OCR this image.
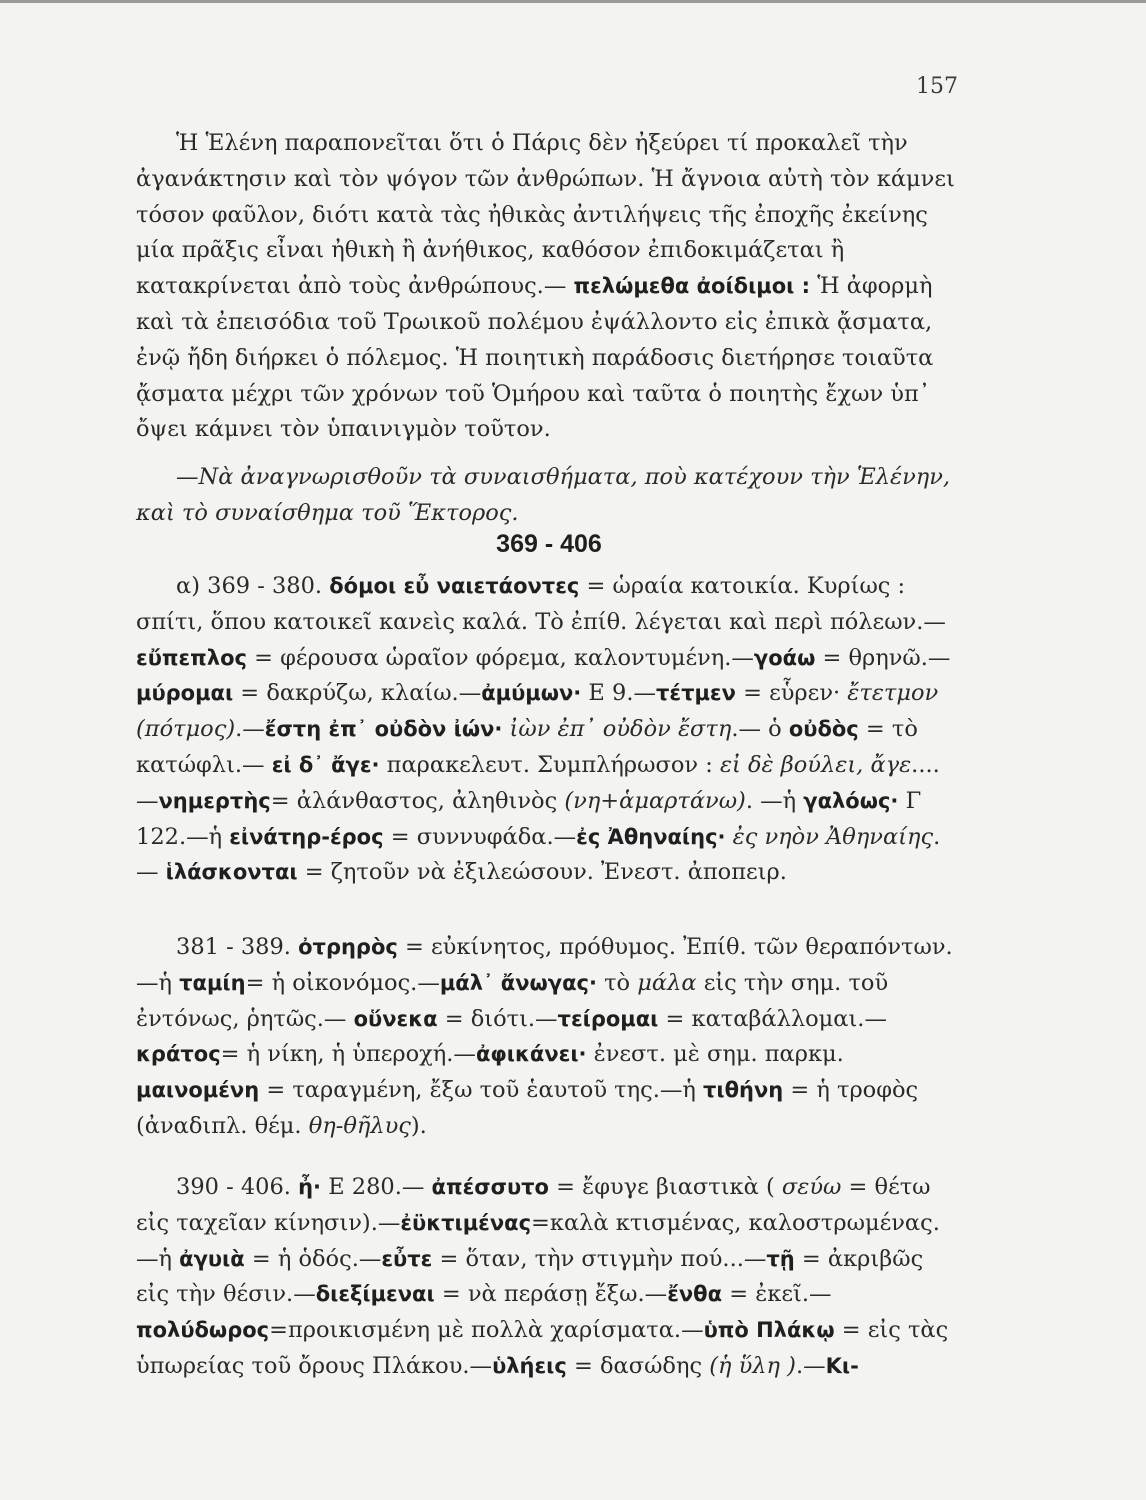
157

Ἡ Ἑλένη παραπονεῖται ὅτι ὁ Πάρις δὲν ἠξεύρει τί προκαλεῖ τὴν ἀγανάκτησιν καὶ τὸν ψόγον τῶν ἀνθρώπων. Ἡ ἄγνοια αὐτὴ τὸν κάμνει τόσον φαῦλον, διότι κατὰ τὰς ἠθικὰς ἀντιλήψεις τῆς ἐποχῆς ἐκείνης μία πρᾶξις εἶναι ἠθικὴ ἢ ἀνήθικος, καθόσον ἐπιδοκιμάζεται ἢ κατακρίνεται ἀπὸ τοὺς ἀνθρώπους.— πελώμεθα ἀοίδιμοι : Ἡ ἀφορμὴ καὶ τὰ ἐπεισόδια τοῦ Τρωικοῦ πολέμου ἐψάλλοντο εἰς ἐπικὰ ᾄσματα, ἐνῷ ἤδη διήρκει ὁ πόλεμος. Ἡ ποιητικὴ παράδοσις διετήρησε τοιαῦτα ᾄσματα μέχρι τῶν χρόνων τοῦ Ὁμήρου καὶ ταῦτα ὁ ποιητὴς ἔχων ὑπ᾽ ὄψει κάμνει τὸν ὑπαινιγμὸν τοῦτον.

—Νὰ ἀναγνωρισθοῦν τὰ συναισθήματα, ποὺ κατέχουν τὴν Ἑλένην, καὶ τὸ συναίσθημα τοῦ Ἕκτορος.

369 - 406

α) 369 - 380. δόμοι εὖ ναιετάοντες = ὡραία κατοικία. Κυρίως : σπίτι, ὅπου κατοικεῖ κανεὶς καλά. Τὸ ἐπίθ. λέγεται καὶ περὶ πόλεων.—εὔπεπλος = φέρουσα ὡραῖον φόρεμα, καλοντυμένη.—γοάω = θρηνῶ.—μύρομαι = δακρύζω, κλαίω.—ἀμύμων· Ε 9.—τέτμεν = εὗρεν· ἔτετμον (πότμος).—ἔστη ἐπ᾽ οὐδὸν ἰών· ἰὼν ἐπ᾽ οὐδὸν ἔστη.— ὁ οὐδὸς = τὸ κατώφλι.— εἰ δ᾽ ἄγε· παρακελευτ. Συμπλήρωσον : εἰ δὲ βούλει, ἄγε....—νημερτὴς= ἀλάνθαστος, ἀληθινὸς (νη+ἁμαρτάνω). —ἡ γαλόως· Γ 122.—ἡ εἰνάτηρ-έρος = συννυφάδα.—ἐς Ἀθηναίης· ἐς νηὸν Ἀθηναίης.— ἱλάσκονται = ζητοῦν νὰ ἐξιλεώσουν. Ἐνεστ. ἀποπειρ.

381 - 389. ὀτρηρὸς = εὐκίνητος, πρόθυμος. Ἐπίθ. τῶν θεραπόντων.—ἡ ταμίη= ἡ οἰκονόμος.—μάλ᾽ ἄνωγας· τὸ μάλα εἰς τὴν σημ. τοῦ ἐντόνως, ῥητῶς.— οὕνεκα = διότι.—τείρομαι = καταβάλλομαι.— κράτος= ἡ νίκη, ἡ ὑπεροχή.—ἀφικάνει· ἐνεστ. μὲ σημ. παρκμ. μαινομένη = ταραγμένη, ἔξω τοῦ ἑαυτοῦ της.—ἡ τιθήνη = ἡ τροφὸς (ἀναδιπλ. θέμ. θη-θῆλυς).

390 - 406. ἦ· Ε 280.— ἀπέσσυτο = ἔφυγε βιαστικὰ ( σεύω = θέτω εἰς ταχεῖαν κίνησιν).—ἐϋκτιμένας=καλὰ κτισμένας, καλοστρωμένας.—ἡ ἀγυιὰ = ἡ ὁδός.—εὖτε = ὅταν, τὴν στιγμὴν πού...—τῇ = ἀκριβῶς εἰς τὴν θέσιν.—διεξίμεναι = νὰ περάσῃ ἔξω.—ἔνθα = ἐκεῖ.— πολύδωρος=προικισμένη μὲ πολλὰ χαρίσματα.—ὑπὸ Πλάκῳ = εἰς τὰς ὑπωρείας τοῦ ὄρους Πλάκου.—ὑλήεις = δασώδης (ἡ ὕλη ).—Κι-
